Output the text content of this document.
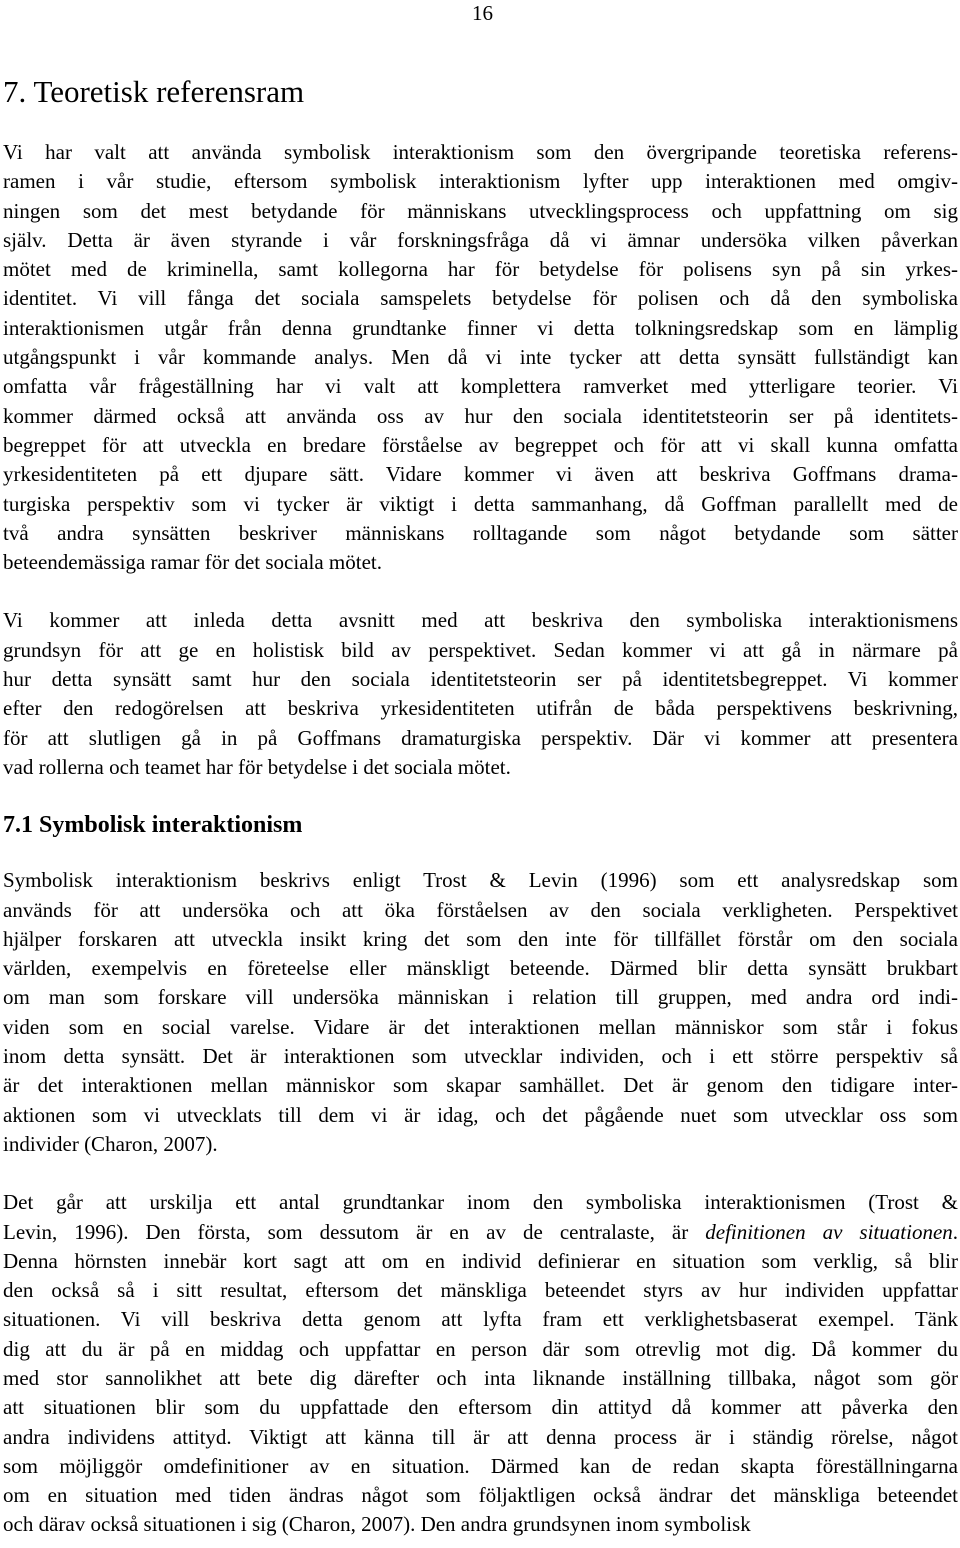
16
7. Teoretisk referensram

Vi har valt att använda symbolisk interaktionism som den övergripande teoretiska referens-
ramen i vår studie, eftersom symbolisk interaktionism lyfter upp interaktionen med omgiv-
ningen som det mest betydande för människans utvecklingsprocess och uppfattning om sig
själv. Detta är även styrande i vår forskningsfråga då vi ämnar undersöka vilken påverkan
mötet med de kriminella, samt kollegorna har för betydelse för polisens syn på sin yrkes-
identitet. Vi vill fånga det sociala samspelets betydelse för polisen och då den symboliska
interaktionismen utgår från denna grundtanke finner vi detta tolkningsredskap som en lämplig
utgångspunkt i vår kommande analys. Men då vi inte tycker att detta synsätt fullständigt kan
omfatta vår frågeställning har vi valt att komplettera ramverket med ytterligare teorier. Vi
kommer därmed också att använda oss av hur den sociala identitetsteorin ser på identitets-
begreppet för att utveckla en bredare förståelse av begreppet och för att vi skall kunna omfatta
yrkesidentiteten på ett djupare sätt. Vidare kommer vi även att beskriva Goffmans drama-
turgiska perspektiv som vi tycker är viktigt i detta sammanhang, då Goffman parallellt med de
två andra synsätten beskriver människans rolltagande som något betydande som sätter
beteendemässiga ramar för det sociala mötet.

Vi kommer att inleda detta avsnitt med att beskriva den symboliska interaktionismens
grundsyn för att ge en holistisk bild av perspektivet. Sedan kommer vi att gå in närmare på
hur detta synsätt samt hur den sociala identitetsteorin ser på identitetsbegreppet. Vi kommer
efter den redogörelsen att beskriva yrkesidentiteten utifrån de båda perspektivens beskrivning,
för att slutligen gå in på Goffmans dramaturgiska perspektiv. Där vi kommer att presentera
vad rollerna och teamet har för betydelse i det sociala mötet.

7.1 Symbolisk interaktionism

Symbolisk interaktionism beskrivs enligt Trost & Levin (1996) som ett analysredskap som
används för att undersöka och att öka förståelsen av den sociala verkligheten. Perspektivet
hjälper forskaren att utveckla insikt kring det som den inte för tillfället förstår om den sociala
världen, exempelvis en företeelse eller mänskligt beteende. Därmed blir detta synsätt brukbart
om man som forskare vill undersöka människan i relation till gruppen, med andra ord indi-
viden som en social varelse. Vidare är det interaktionen mellan människor som står i fokus
inom detta synsätt. Det är interaktionen som utvecklar individen, och i ett större perspektiv så
är det interaktionen mellan människor som skapar samhället. Det är genom den tidigare inter-
aktionen som vi utvecklats till dem vi är idag, och det pågående nuet som utvecklar oss som
individer (Charon, 2007).

Det går att urskilja ett antal grundtankar inom den symboliska interaktionismen (Trost &
Levin, 1996). Den första, som dessutom är en av de centralaste, är definitionen av situationen.
Denna hörnsten innebär kort sagt att om en individ definierar en situation som verklig, så blir
den också så i sitt resultat, eftersom det mänskliga beteendet styrs av hur individen uppfattar
situationen. Vi vill beskriva detta genom att lyfta fram ett verklighetsbaserat exempel. Tänk
dig att du är på en middag och uppfattar en person där som otrevlig mot dig. Då kommer du
med stor sannolikhet att bete dig därefter och inta liknande inställning tillbaka, något som gör
att situationen blir som du uppfattade den eftersom din attityd då kommer att påverka den
andra individens attityd. Viktigt att känna till är att denna process är i ständig rörelse, något
som möjliggör omdefinitioner av en situation. Därmed kan de redan skapta föreställningarna
om en situation med tiden ändras något som följaktligen också ändrar det mänskliga beteendet
och därav också situationen i sig (Charon, 2007). Den andra grundsynen inom symbolisk
